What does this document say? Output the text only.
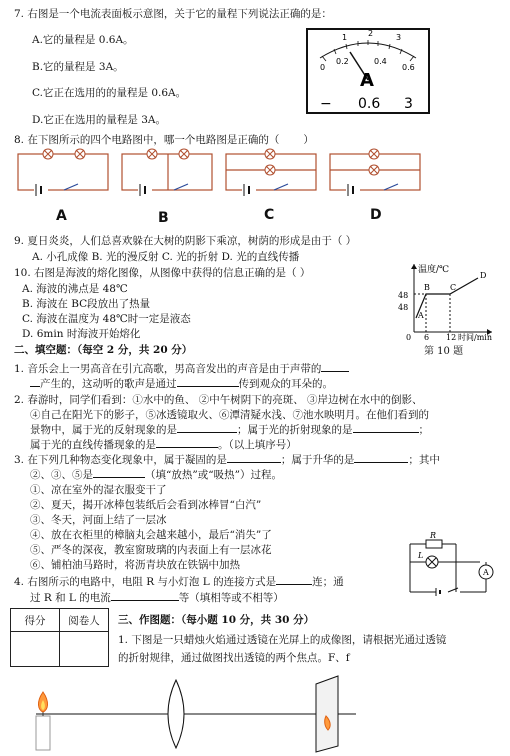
7. 右图是一个电流表面板示意图，关于它的量程下列说法正确的是：
A.它的量程是 0.6A。
B.它的量程是 3A。
C.它正在选用的的量程是 0.6A。
D.它正在选用的量程是 3A。
1	2	3
0
0.2	0.4
0.6
A
− 0.6 3
8. 在下图所示的四个电路图中，哪一个电路图是正确的（ ）
A	B	C	D
9. 夏日炎炎，人们总喜欢躲在大树的阴影下乘凉，树荫的形成是由于（ ）
A. 小孔成像 B. 光的漫反射 C. 光的折射 D. 光的直线传播
10. 右图是海波的熔化图像，从图像中获得的信息正确的是（ ）
A. 海波的沸点是 48℃
B. 海波在 BC段放出了热量
C. 海波在温度为 48℃时一定是液态
D. 6min 时海波开始熔化
温度/℃
48
48
A
B	C
D
0 6 12 时间/min
第 10 题
二、填空题：（每空 2 分，共 20 分）
1. 音乐会上一男高音在引亢高歌，男高音发出的声音是由于声带的
产生的，这动听的歌声是通过	传到观众的耳朵的。
2. 春游时，同学们看到：①水中的鱼、 ②中午树阴下的亮斑、 ③岸边树在水中的倒影、
④自己在阳光下的影子，⑤冰透镜取火、⑥潭清疑水浅、⑦池水映明月。在他们看到的
景物中，属于光的反射现象的是	；属于光的折射现象的是	；
属于光的直线传播现象的是	。（以上填序号）
3. 在下列几种物态变化现象中，属于凝固的是	；属于升华的是	；其中
②、③、⑤是	（填“放热”或“吸热”）过程。
①、凉在室外的湿衣服变干了
②、夏天，揭开冰棒包装纸后会看到冰棒冒“白汽”
③、冬天，河面上结了一层冰
④、放在衣柜里的樟脑丸会越来越小，最后“消失”了
⑤、严冬的深夜，教室窗玻璃的内表面上有一层冰花
⑥、铺柏油马路时，将沥青块放在铁锅中加热
4. 右图所示的电路中，电阻 R 与小灯泡 L 的连接方式是	连；通
过 R 和 L 的电流	等（填相等或不相等）
R
L
A
得分	阅卷人
	三、作图题：（每小题 10 分，共 30 分）
1. 下图是一只蜡烛火焰通过透镜在光屏上的成像图，请根据光通过透镜
的折射规律，通过做图找出透镜的两个焦点。F、f
